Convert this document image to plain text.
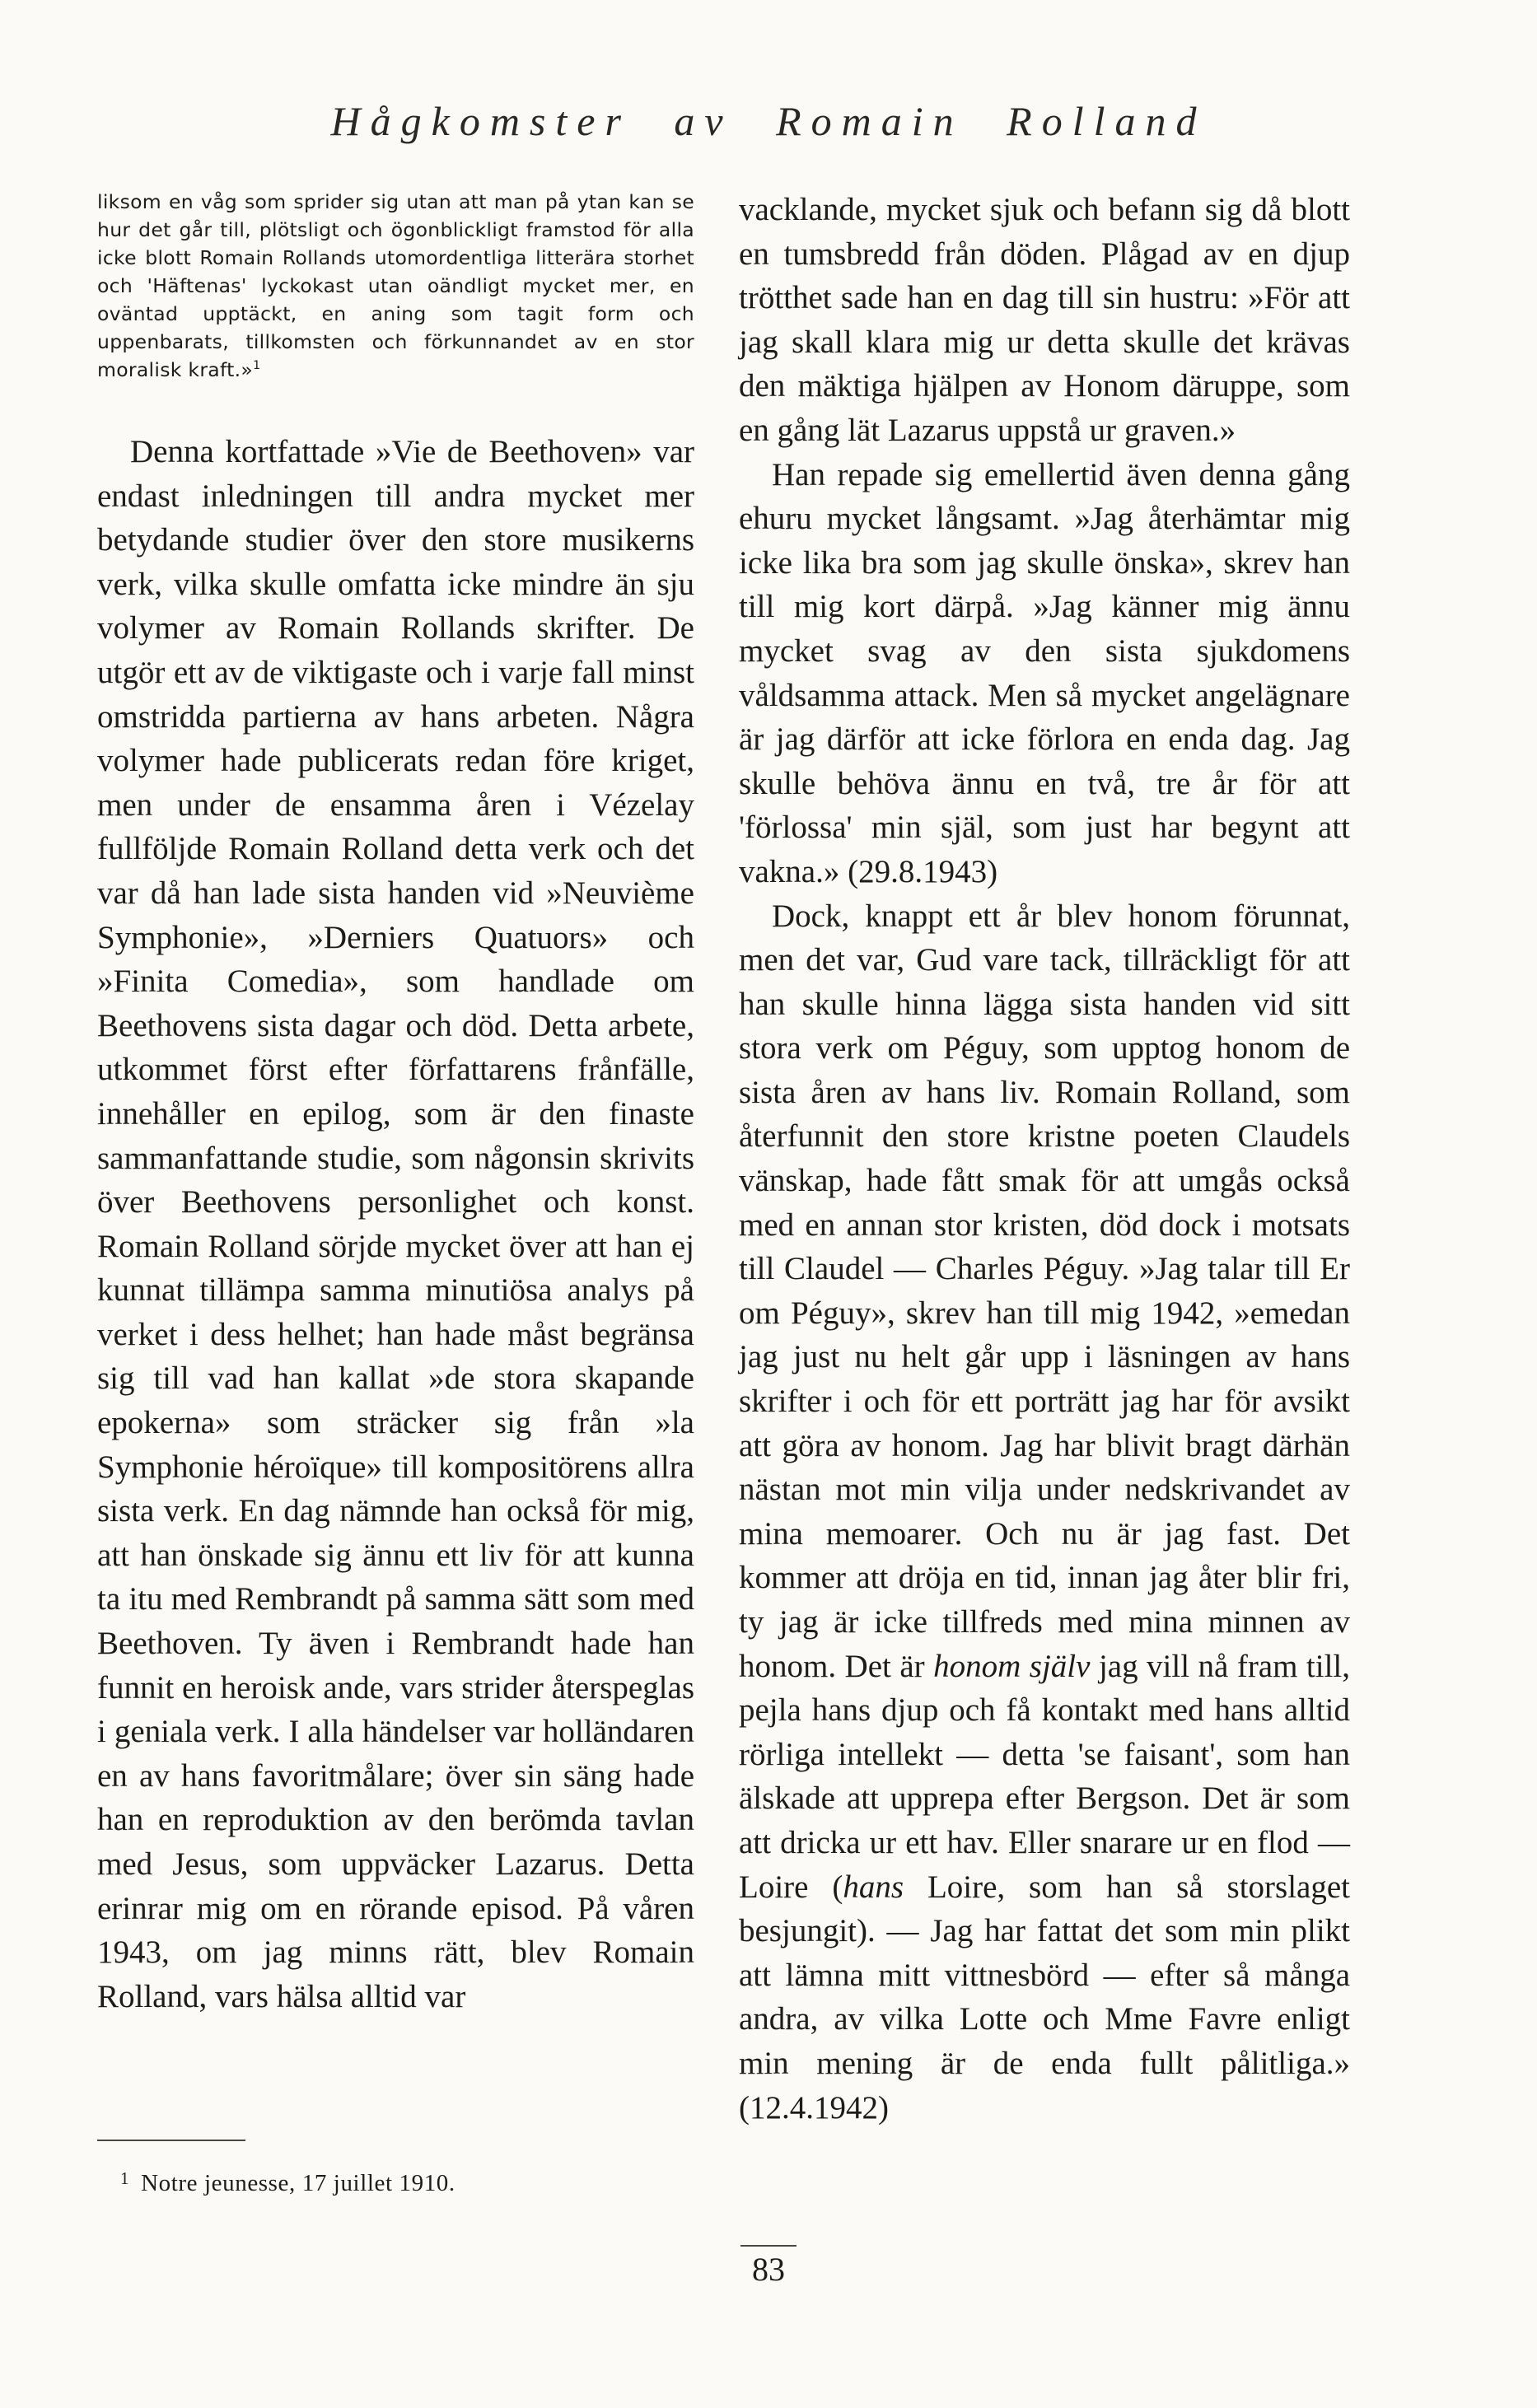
Hågkomster av Romain Rolland

liksom en våg som sprider sig utan att man på ytan kan se hur det går till, plötsligt och ögonblickligt framstod för alla icke blott Romain Rollands utomordentliga litterära storhet och 'Häftenas' lyckokast utan oändligt mycket mer, en oväntad upptäckt, en aning som tagit form och uppenbarats, tillkomsten och förkunnandet av en stor moralisk kraft.»$^1$

Denna kortfattade »Vie de Beethoven» var endast inledningen till andra mycket mer betydande studier över den store musikerns verk, vilka skulle omfatta icke mindre än sju volymer av Romain Rollands skrifter. De utgör ett av de viktigaste och i varje fall minst omstridda partierna av hans arbeten. Några volymer hade publicerats redan före kriget, men under de ensamma åren i Vézelay fullföljde Romain Rolland detta verk och det var då han lade sista handen vid »Neuvième Symphonie», »Derniers Quatuors» och »Finita Comedia», som handlade om Beethovens sista dagar och död. Detta arbete, utkommet först efter författarens frånfälle, innehåller en epilog, som är den finaste sammanfattande studie, som någonsin skrivits över Beethovens personlighet och konst. Romain Rolland sörjde mycket över att han ej kunnat tillämpa samma minutiösa analys på verket i dess helhet; han hade måst begränsa sig till vad han kallat »de stora skapande epokerna» som sträcker sig från »la Symphonie héroïque» till kompositörens allra sista verk. En dag nämnde han också för mig, att han önskade sig ännu ett liv för att kunna ta itu med Rembrandt på samma sätt som med Beethoven. Ty även i Rembrandt hade han funnit en heroisk ande, vars strider återspeglas i geniala verk. I alla händelser var holländaren en av hans favoritmålare; över sin säng hade han en reproduktion av den berömda tavlan med Jesus, som uppväcker Lazarus. Detta erinrar mig om en rörande episod. På våren 1943, om jag minns rätt, blev Romain Rolland, vars hälsa alltid var

vacklande, mycket sjuk och befann sig då blott en tumsbredd från döden. Plågad av en djup trötthet sade han en dag till sin hustru: »För att jag skall klara mig ur detta skulle det krävas den mäktiga hjälpen av Honom däruppe, som en gång lät Lazarus uppstå ur graven.»

Han repade sig emellertid även denna gång ehuru mycket långsamt. »Jag återhämtar mig icke lika bra som jag skulle önska», skrev han till mig kort därpå. »Jag känner mig ännu mycket svag av den sista sjukdomens våldsamma attack. Men så mycket angelägnare är jag därför att icke förlora en enda dag. Jag skulle behöva ännu en två, tre år för att 'förlossa' min själ, som just har begynt att vakna.» (29.8.1943)

Dock, knappt ett år blev honom förunnat, men det var, Gud vare tack, tillräckligt för att han skulle hinna lägga sista handen vid sitt stora verk om Péguy, som upptog honom de sista åren av hans liv. Romain Rolland, som återfunnit den store kristne poeten Claudels vänskap, hade fått smak för att umgås också med en annan stor kristen, död dock i motsats till Claudel — Charles Péguy. »Jag talar till Er om Péguy», skrev han till mig 1942, »emedan jag just nu helt går upp i läsningen av hans skrifter i och för ett porträtt jag har för avsikt att göra av honom. Jag har blivit bragt därhän nästan mot min vilja under nedskrivandet av mina memoarer. Och nu är jag fast. Det kommer att dröja en tid, innan jag åter blir fri, ty jag är icke tillfreds med mina minnen av honom. Det är honom själv jag vill nå fram till, pejla hans djup och få kontakt med hans alltid rörliga intellekt — detta 'se faisant', som han älskade att upprepa efter Bergson. Det är som att dricka ur ett hav. Eller snarare ur en flod — Loire (hans Loire, som han så storslaget besjungit). — Jag har fattat det som min plikt att lämna mitt vittnesbörd — efter så många andra, av vilka Lotte och Mme Favre enligt min mening är de enda fullt pålitliga.» (12.4.1942)

$^1$ Notre jeunesse, 17 juillet 1910.
83
